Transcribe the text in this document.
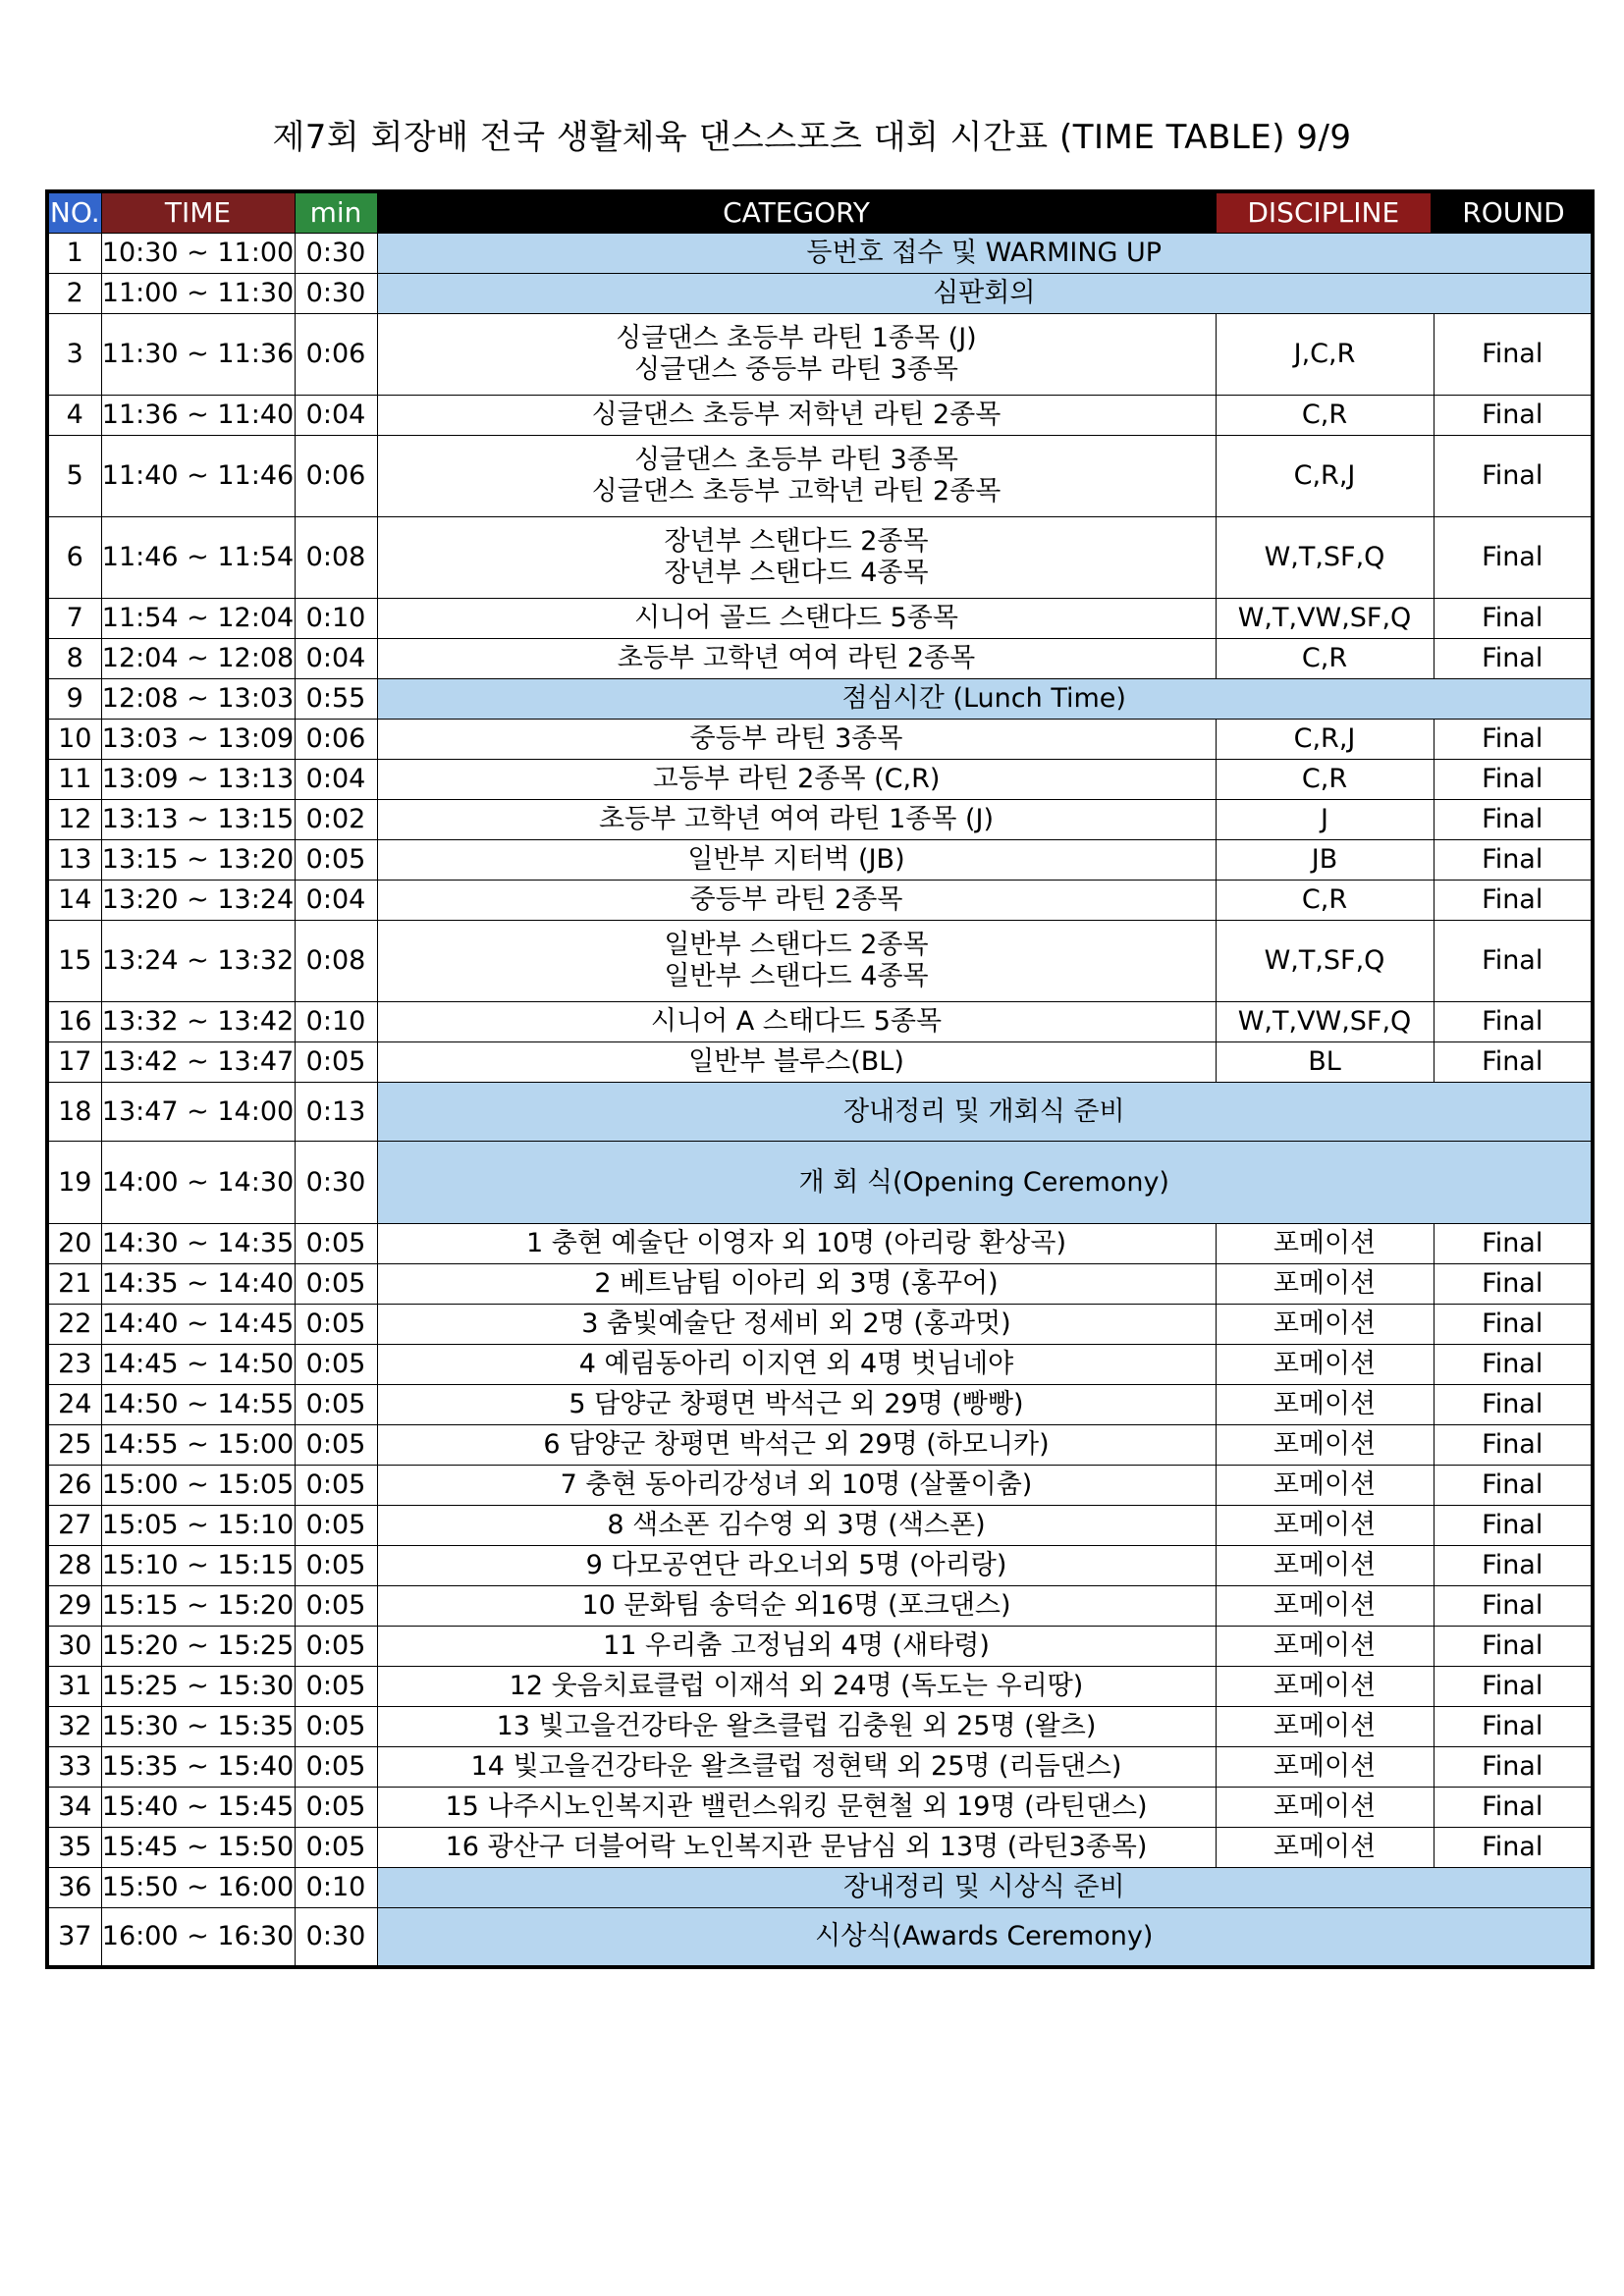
제7회 회장배 전국 생활체육 댄스스포츠 대회 시간표 (TIME TABLE) 9/9
NO.	TIME	min	CATEGORY	DISCIPLINE	ROUND
1	10:30 ~ 11:00	0:30	등번호 접수 및 WARMING UP		

2	11:00 ~ 11:30	0:30	심판회의		

3	11:30 ~ 11:36	0:06	싱글댄스 초등부 라틴 1종목 (J)
싱글댄스 중등부 라틴 3종목	J,C,R	Final
4	11:36 ~ 11:40	0:04	싱글댄스 초등부 저학년 라틴 2종목	C,R	Final
5	11:40 ~ 11:46	0:06	싱글댄스 초등부 라틴 3종목
싱글댄스 초등부 고학년 라틴 2종목	C,R,J	Final
6	11:46 ~ 11:54	0:08	장년부 스탠다드 2종목
장년부 스탠다드 4종목	W,T,SF,Q	Final
7	11:54 ~ 12:04	0:10	시니어 골드 스탠다드 5종목	W,T,VW,SF,Q	Final
8	12:04 ~ 12:08	0:04	초등부 고학년 여여 라틴 2종목	C,R	Final
9	12:08 ~ 13:03	0:55	점심시간 (Lunch Time)		

10	13:03 ~ 13:09	0:06	중등부 라틴 3종목	C,R,J	Final
11	13:09 ~ 13:13	0:04	고등부 라틴 2종목 (C,R)	C,R	Final
12	13:13 ~ 13:15	0:02	초등부 고학년 여여 라틴 1종목 (J)	J	Final
13	13:15 ~ 13:20	0:05	일반부 지터벅 (JB)	JB	Final
14	13:20 ~ 13:24	0:04	중등부 라틴 2종목	C,R	Final
15	13:24 ~ 13:32	0:08	일반부 스탠다드 2종목
일반부 스탠다드 4종목	W,T,SF,Q	Final
16	13:32 ~ 13:42	0:10	시니어 A 스태다드 5종목	W,T,VW,SF,Q	Final
17	13:42 ~ 13:47	0:05	일반부 블루스(BL)	BL	Final
18	13:47 ~ 14:00	0:13	장내정리 및 개회식 준비		

19	14:00 ~ 14:30	0:30	개 회 식(Opening Ceremony)		

20	14:30 ~ 14:35	0:05	1 충현 예술단 이영자 외 10명 (아리랑 환상곡)	포메이션	Final
21	14:35 ~ 14:40	0:05	2 베트남팀 이아리 외 3명 (홍꾸어)	포메이션	Final
22	14:40 ~ 14:45	0:05	3 춤빛예술단 정세비 외 2명 (홍과멋)	포메이션	Final
23	14:45 ~ 14:50	0:05	4 예림동아리 이지연 외 4명 벗님네야	포메이션	Final
24	14:50 ~ 14:55	0:05	5 담양군 창평면 박석근 외 29명 (빵빵)	포메이션	Final
25	14:55 ~ 15:00	0:05	6 담양군 창평면 박석근 외 29명 (하모니카)	포메이션	Final
26	15:00 ~ 15:05	0:05	7 충현 동아리강성녀 외 10명 (살풀이춤)	포메이션	Final
27	15:05 ~ 15:10	0:05	8 색소폰 김수영 외 3명 (색스폰)	포메이션	Final
28	15:10 ~ 15:15	0:05	9 다모공연단 라오너외 5명 (아리랑)	포메이션	Final
29	15:15 ~ 15:20	0:05	10 문화팀 송덕순 외16명 (포크댄스)	포메이션	Final
30	15:20 ~ 15:25	0:05	11 우리춤 고정님외 4명 (새타령)	포메이션	Final
31	15:25 ~ 15:30	0:05	12 웃음치료클럽 이재석 외 24명 (독도는 우리땅)	포메이션	Final
32	15:30 ~ 15:35	0:05	13 빛고을건강타운 왈츠클럽 김충원 외 25명 (왈츠)	포메이션	Final
33	15:35 ~ 15:40	0:05	14 빛고을건강타운 왈츠클럽 정현택 외 25명 (리듬댄스)	포메이션	Final
34	15:40 ~ 15:45	0:05	15 나주시노인복지관 밸런스워킹 문현철 외 19명 (라틴댄스)	포메이션	Final
35	15:45 ~ 15:50	0:05	16 광산구 더블어락 노인복지관 문남심 외 13명 (라틴3종목)	포메이션	Final
36	15:50 ~ 16:00	0:10	장내정리 및 시상식 준비		

37	16:00 ~ 16:30	0:30	시상식(Awards Ceremony)		
